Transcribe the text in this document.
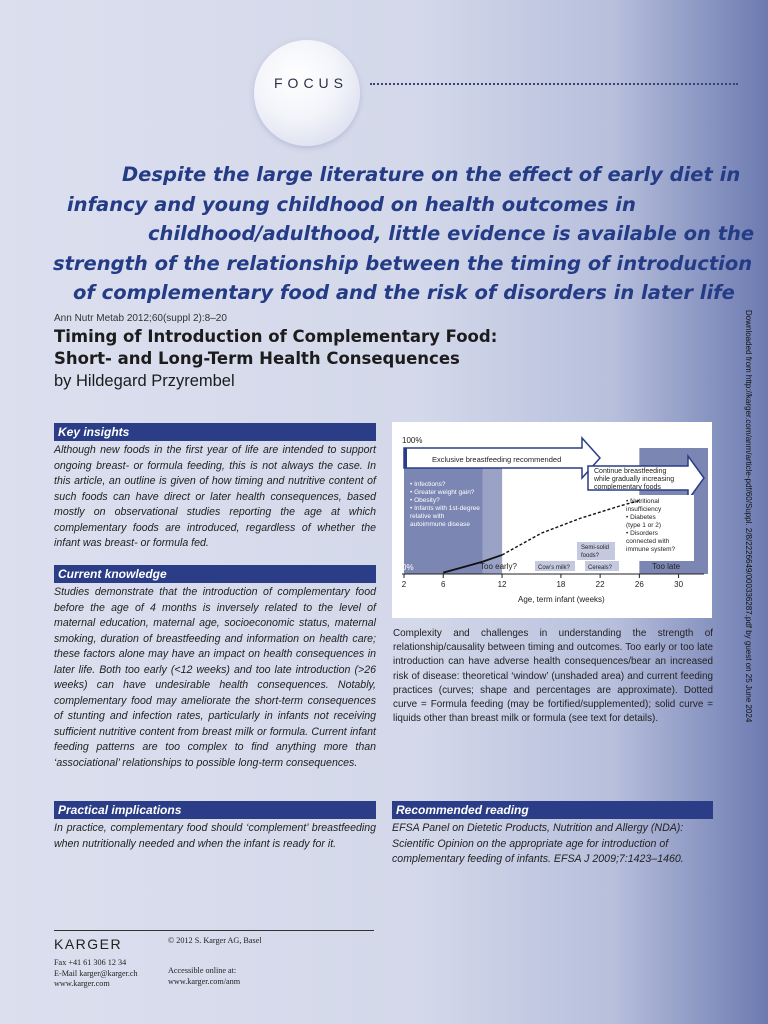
FOCUS
Despite the large literature on the effect of early diet in
infancy and young childhood on health outcomes in
childhood/adulthood, little evidence is available on the
strength of the relationship between the timing of introduction
of complementary food and the risk of disorders in later life
Ann Nutr Metab 2012;60(suppl 2):8–20
Timing of Introduction of Complementary Food:
Short- and Long-Term Health Consequences
by Hildegard Przyrembel	Downloaded from http://karger.com/anm/article-pdf/60/Suppl. 2/8/2226649/000336287.pdf by guest on 25 June 2024
Key insights
Although new foods in the first year of life are intended to support ongoing breast- or formula feeding, this is not always the case. In this article, an outline is given of how timing and nutritive content of such foods can have direct or later health consequences, based mostly on observational studies reporting the age at which complementary foods are introduced, regardless of whether the infant was breast- or formula fed.
Current knowledge
Studies demonstrate that the introduction of complementary food before the age of 4 months is inversely related to the level of maternal education, maternal age, socioeconomic status, maternal smoking, duration of breastfeeding and information on health care; these factors alone may have an impact on health consequences in later life. Both too early (<12 weeks) and too late introduction (>26 weeks) can have undesirable health consequences. Notably, complementary food may ameliorate the short-term consequences of stunting and infection rates, particularly in infants not receiving sufficient nutritive content from breast milk or formula. Current infant feeding patterns are too complex to find anything more than ‘associational’ relationships to possible long-term consequences.
Practical implications
In practice, complementary food should ‘complement’ breastfeeding when nutritionally needed and when the infant is ready for it.
Recommended reading
EFSA Panel on Dietetic Products, Nutrition and Allergy (NDA): Scientific Opinion on the appropriate age for introduction of complementary feeding of infants. EFSA J 2009;7:1423–1460.
Exclusive breastfeeding recommended
Continue breastfeeding
while gradually increasing
complementary foods
100%
• Infections?
• Greater weight gain?
• Obesity?
• Infants with 1st-degree
relative with
autoimmune disease
• Nutritional
insufficiency
• Diabetes
(type 1 or 2)
• Disorders
connected with
immune system?
Semi-solid
foods?
Cow’s milk?	Cereals?
Too early?	Too late
0%
2	6	12	18	22	26	30
Age, term infant (weeks)
Complexity and challenges in understanding the strength of relationship/causality between timing and outcomes. Too early or too late introduction can have adverse health consequences/bear an increased risk of disease: theoretical ‘window’ (unshaded area) and current feeding practices (curves; shape and percentages are approximate). Dotted curve = Formula feeding (may be fortified/supplemented); solid curve = liquids other than breast milk or formula (see text for details).
KARGER
Fax +41 61 306 12 34
E-Mail karger@karger.ch
www.karger.com
© 2012 S. Karger AG, Basel
Accessible online at:
www.karger.com/anm
